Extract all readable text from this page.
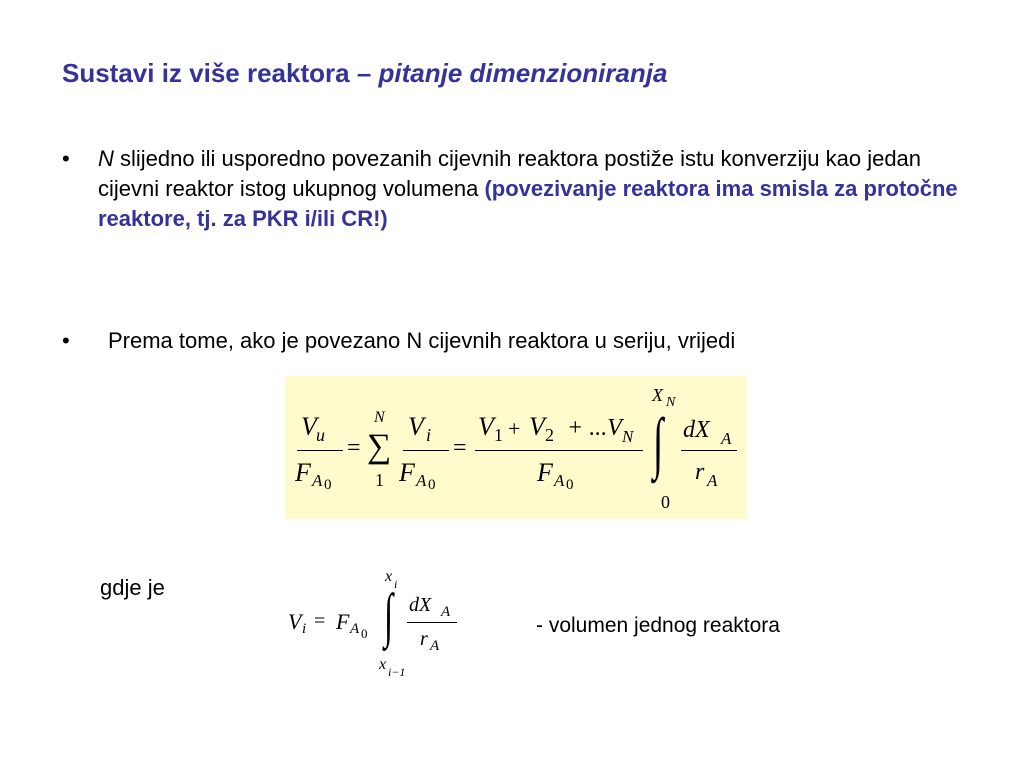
Sustavi iz više reaktora – pitanje dimenzioniranja
• N slijedno ili usporedno povezanih cijevnih reaktora postiže istu konverziju kao jedan cijevni reaktor istog ukupnog volumena (povezivanje reaktora ima smisla za protočne reaktore, tj. za PKR i/ili CR!)
• Prema tome, ako je povezano N cijevnih reaktora u seriju, vrijedi
V u
F A 0
=
N
∑
1
V i
F A 0
=
V 1 + V 2 + ...V N
F A 0
X N
∫
0
dX A
r A
gdje je
V i = F A 0
x i
∫
x i−1
dX A
r A
- volumen jednog reaktora
